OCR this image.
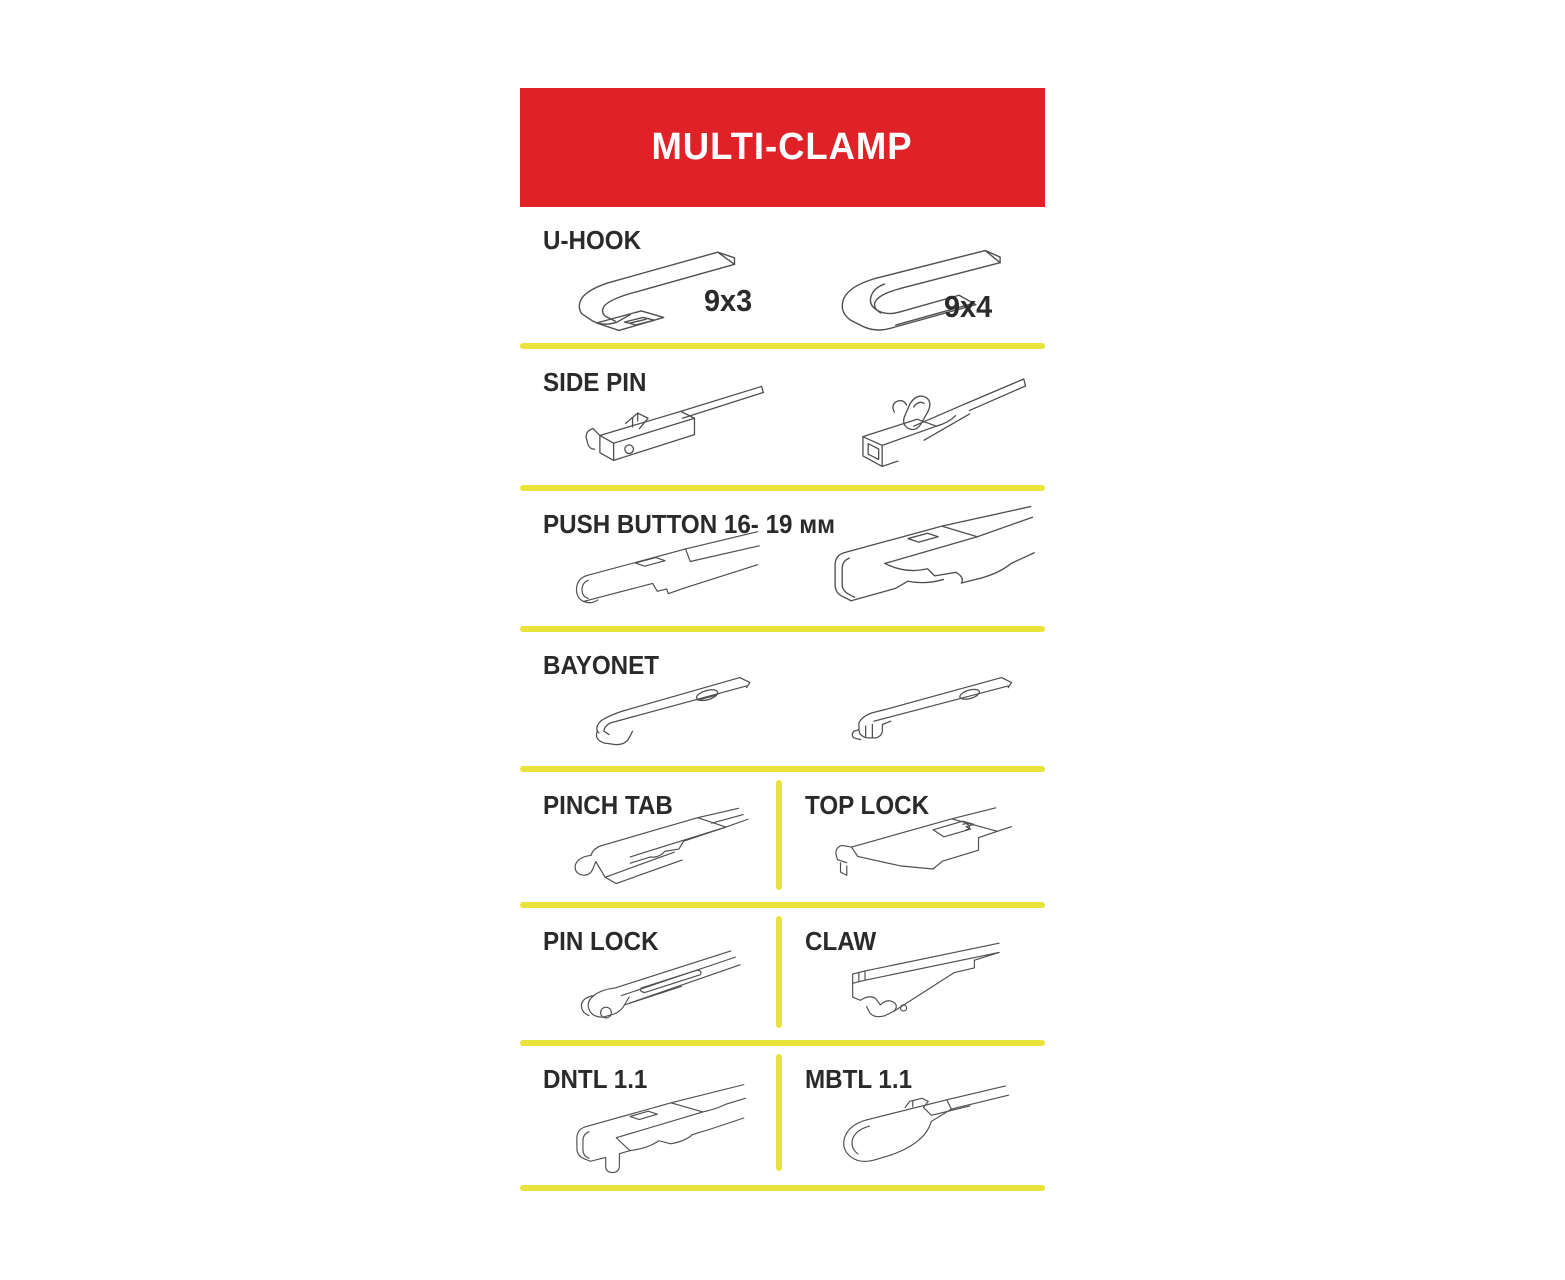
MULTI-CLAMP
U-HOOK
9x3	9x4
SIDE PIN
PUSH BUTTON 16- 19 мм
BAYONET
PINCH TAB	TOP LOCK
PIN LOCK	CLAW
DNTL 1.1	MBTL 1.1
